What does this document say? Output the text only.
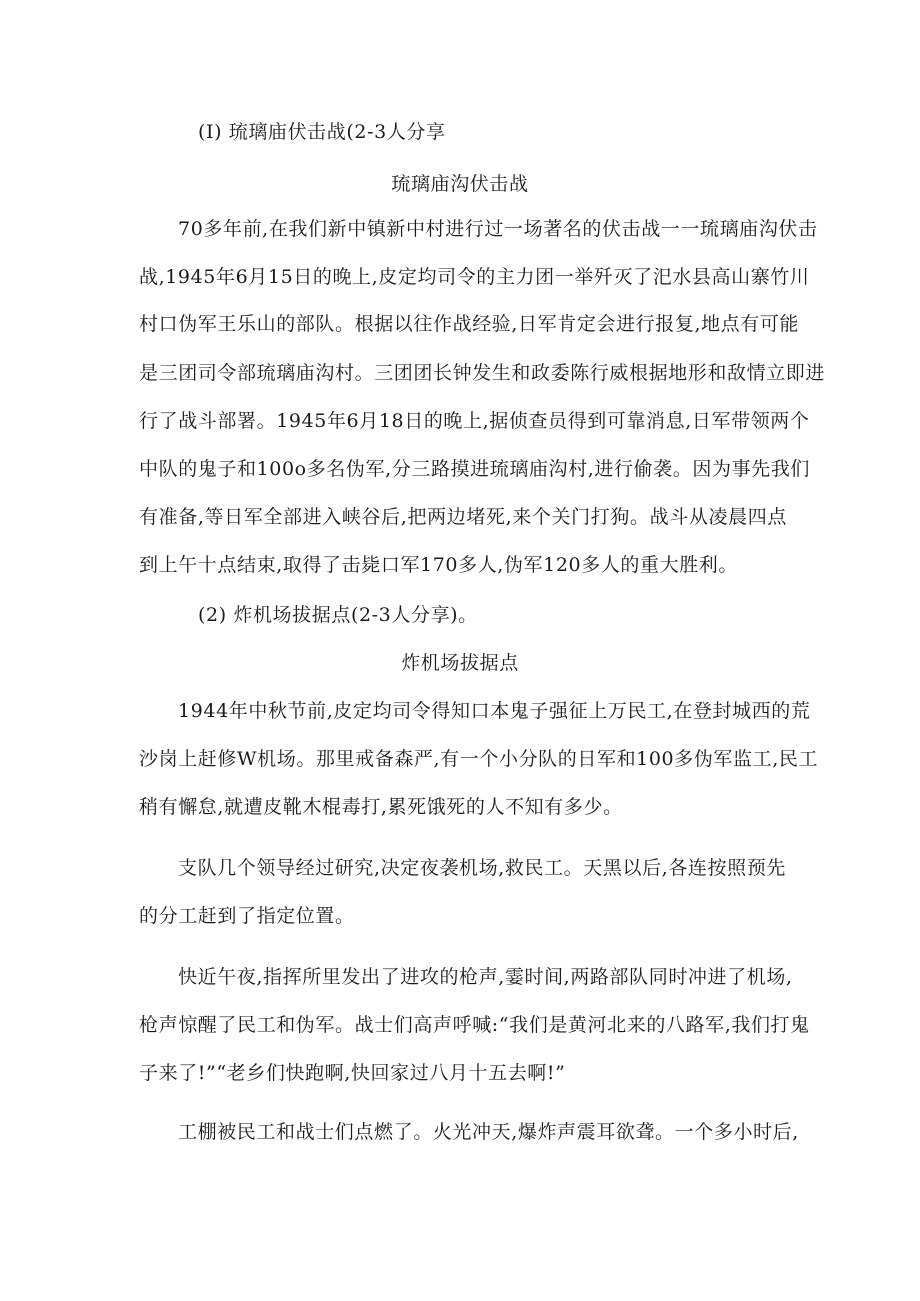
(I) 琉璃庙伏击战(2-3人分享
琉璃庙沟伏击战
70多年前,在我们新中镇新中村进行过一场著名的伏击战一一琉璃庙沟伏击
战,1945年6月15日的晚上,皮定均司令的主力团一举歼灭了汜水县高山寨竹川
村口伪军王乐山的部队。根据以往作战经验,日军肯定会进行报复,地点有可能
是三团司令部琉璃庙沟村。三团团长钟发生和政委陈行威根据地形和敌情立即进
行了战斗部署。1945年6月18日的晚上,据侦查员得到可靠消息,日军带领两个
中队的鬼子和100o多名伪军,分三路摸进琉璃庙沟村,进行偷袭。因为事先我们
有准备,等日军全部进入峡谷后,把两边堵死,来个关门打狗。战斗从凌晨四点
到上午十点结束,取得了击毙口军170多人,伪军120多人的重大胜利。
(2) 炸机场拔据点(2-3人分享)。
炸机场拔据点
1944年中秋节前,皮定均司令得知口本鬼子强征上万民工,在登封城西的荒
沙岗上赶修W机场。那里戒备森严,有一个小分队的日军和100多伪军监工,民工
稍有懈怠,就遭皮靴木棍毒打,累死饿死的人不知有多少。
支队几个领导经过研究,决定夜袭机场,救民工。天黑以后,各连按照预先
的分工赶到了指定位置。
快近午夜,指挥所里发出了进攻的枪声,霎时间,两路部队同时冲进了机场,
枪声惊醒了民工和伪军。战士们高声呼喊:“我们是黄河北来的八路军,我们打鬼
子来了!”“老乡们快跑啊,快回家过八月十五去啊!”
工棚被民工和战士们点燃了。火光冲天,爆炸声震耳欲聋。一个多小时后,
